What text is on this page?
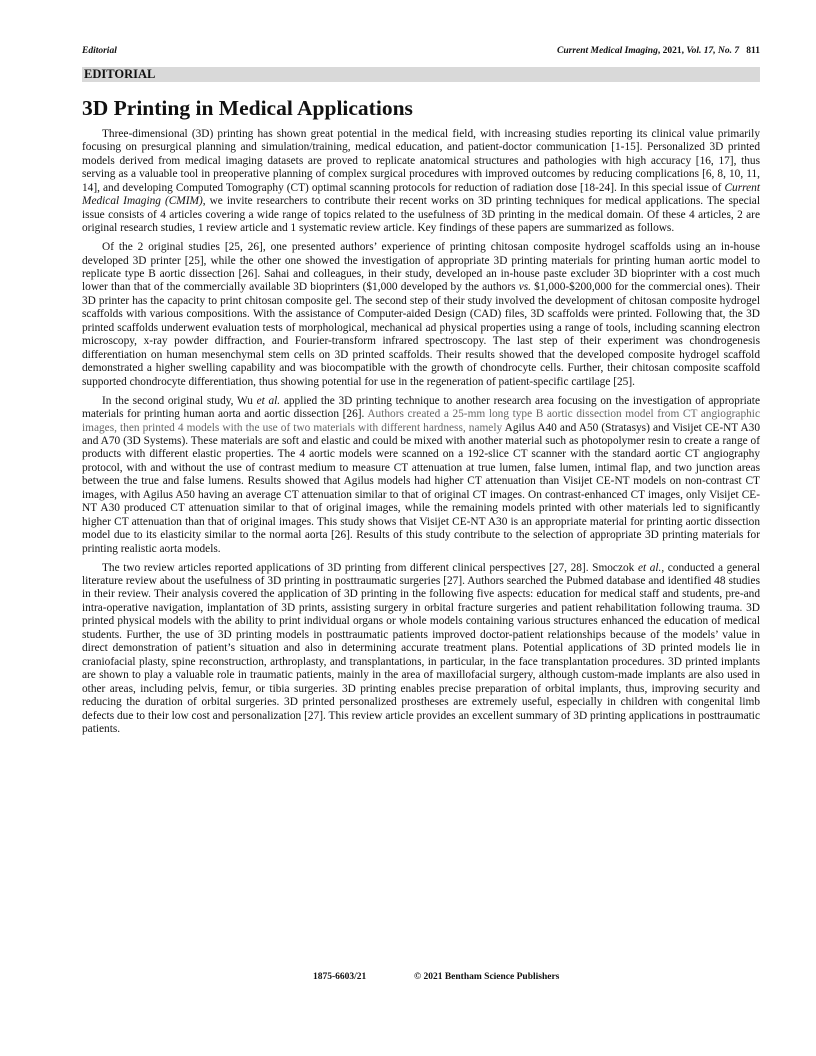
Editorial	Current Medical Imaging, 2021, Vol. 17, No. 7 811
EDITORIAL
3D Printing in Medical Applications

Three-dimensional (3D) printing has shown great potential in the medical field, with increasing studies reporting its clinical value primarily focusing on presurgical planning and simulation/training, medical education, and patient-doctor communication [1-15]. Personalized 3D printed models derived from medical imaging datasets are proved to replicate anatomical structures and pathologies with high accuracy [16, 17], thus serving as a valuable tool in preoperative planning of complex surgical procedures with improved outcomes by reducing complications [6, 8, 10, 11, 14], and developing Computed Tomography (CT) optimal scanning protocols for reduction of radiation dose [18-24]. In this special issue of Current Medical Imaging (CMIM), we invite researchers to contribute their recent works on 3D printing techniques for medical applications. The special issue consists of 4 articles covering a wide range of topics related to the usefulness of 3D printing in the medical domain. Of these 4 articles, 2 are original research studies, 1 review article and 1 systematic review article. Key findings of these papers are summarized as follows.

Of the 2 original studies [25, 26], one presented authors’ experience of printing chitosan composite hydrogel scaffolds using an in-house developed 3D printer [25], while the other one showed the investigation of appropriate 3D printing materials for printing human aortic model to replicate type B aortic dissection [26]. Sahai and colleagues, in their study, developed an in-house paste excluder 3D bioprinter with a cost much lower than that of the commercially available 3D bioprinters ($1,000 developed by the authors vs. $1,000-$200,000 for the commercial ones). Their 3D printer has the capacity to print chitosan composite gel. The second step of their study involved the development of chitosan composite hydrogel scaffolds with various compositions. With the assistance of Computer-aided Design (CAD) files, 3D scaffolds were printed. Following that, the 3D printed scaffolds underwent evaluation tests of morphological, mechanical ad physical properties using a range of tools, including scanning electron microscopy, x-ray powder diffraction, and Fourier-transform infrared spectroscopy. The last step of their experiment was chondrogenesis differentiation on human mesenchymal stem cells on 3D printed scaffolds. Their results showed that the developed composite hydrogel scaffold demonstrated a higher swelling capability and was biocompatible with the growth of chondrocyte cells. Further, their chitosan composite scaffold supported chondrocyte differentiation, thus showing potential for use in the regeneration of patient-specific cartilage [25].

In the second original study, Wu et al. applied the 3D printing technique to another research area focusing on the investigation of appropriate materials for printing human aorta and aortic dissection [26]. Authors created a 25-mm long type B aortic dissection model from CT angiographic images, then printed 4 models with the use of two materials with different hardness, namely Agilus A40 and A50 (Stratasys) and Visijet CE-NT A30 and A70 (3D Systems). These materials are soft and elastic and could be mixed with another material such as photopolymer resin to create a range of products with different elastic properties. The 4 aortic models were scanned on a 192-slice CT scanner with the standard aortic CT angiography protocol, with and without the use of contrast medium to measure CT attenuation at true lumen, false lumen, intimal flap, and two junction areas between the true and false lumens. Results showed that Agilus models had higher CT attenuation than Visijet CE-NT models on non-contrast CT images, with Agilus A50 having an average CT attenuation similar to that of original CT images. On contrast-enhanced CT images, only Visijet CE-NT A30 produced CT attenuation similar to that of original images, while the remaining models printed with other materials led to significantly higher CT attenuation than that of original images. This study shows that Visijet CE-NT A30 is an appropriate material for printing aortic dissection model due to its elasticity similar to the normal aorta [26]. Results of this study contribute to the selection of appropriate 3D printing materials for printing realistic aorta models.

The two review articles reported applications of 3D printing from different clinical perspectives [27, 28]. Smoczok et al., conducted a general literature review about the usefulness of 3D printing in posttraumatic surgeries [27]. Authors searched the Pubmed database and identified 48 studies in their review. Their analysis covered the application of 3D printing in the following five aspects: education for medical staff and students, pre-and intra-operative navigation, implantation of 3D prints, assisting surgery in orbital fracture surgeries and patient rehabilitation following trauma. 3D printed physical models with the ability to print individual organs or whole models containing various structures enhanced the education of medical students. Further, the use of 3D printing models in posttraumatic patients improved doctor-patient relationships because of the models’ value in direct demonstration of patient’s situation and also in determining accurate treatment plans. Potential applications of 3D printed models lie in craniofacial plasty, spine reconstruction, arthroplasty, and transplantations, in particular, in the face transplantation procedures. 3D printed implants are shown to play a valuable role in traumatic patients, mainly in the area of maxillofacial surgery, although custom-made implants are also used in other areas, including pelvis, femur, or tibia surgeries. 3D printing enables precise preparation of orbital implants, thus, improving security and reducing the duration of orbital surgeries. 3D printed personalized prostheses are extremely useful, especially in children with congenital limb defects due to their low cost and personalization [27]. This review article provides an excellent summary of 3D printing applications in posttraumatic patients.

1875-6603/21	© 2021 Bentham Science Publishers
